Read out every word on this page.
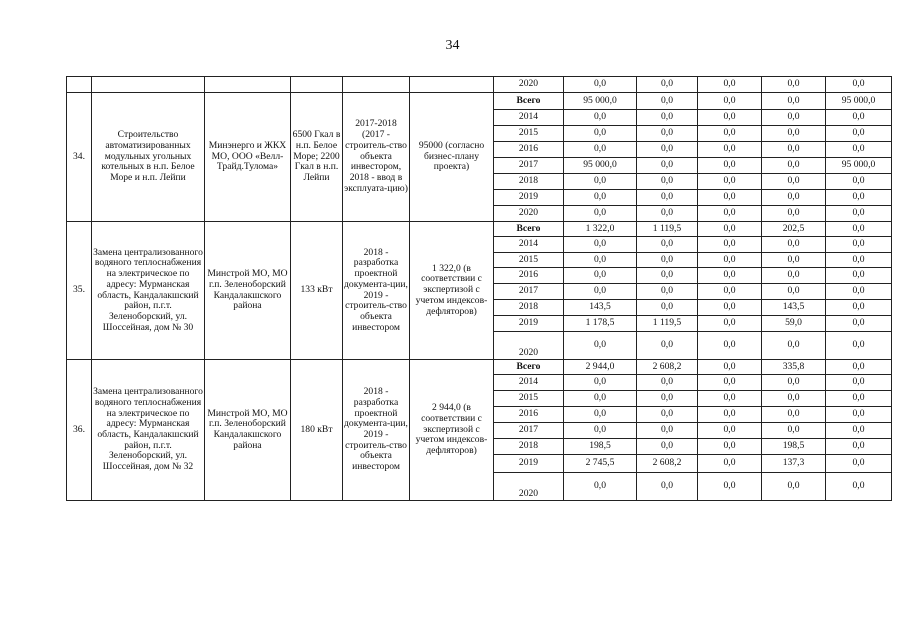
34
						2020	0,0	0,0	0,0	0,0	0,0
34.	Строительство автоматизированных модульных угольных котельных в н.п. Белое Море и н.п. Лейпи	Минэнерго и ЖКХ МО, ООО «Велл-Трайд.Тулома»	6500 Гкал в н.п. Белое Море; 2200 Гкал в н.п. Лейпи	2017-2018 (2017 - строитель-ство объекта инвестором, 2018 - ввод в эксплуата-цию)	95000 (согласно бизнес-плану проекта)	Всего	95 000,0	0,0	0,0	0,0	95 000,0
						2014	0,0	0,0	0,0	0,0	0,0
						2015	0,0	0,0	0,0	0,0	0,0
						2016	0,0	0,0	0,0	0,0	0,0
						2017	95 000,0	0,0	0,0	0,0	95 000,0
						2018	0,0	0,0	0,0	0,0	0,0
						2019	0,0	0,0	0,0	0,0	0,0
						2020	0,0	0,0	0,0	0,0	0,0
35.	Замена централизованного водяного теплоснабжения на электрическое по адресу: Мурманская область, Кандалакшский район, п.г.т. Зеленоборский, ул. Шоссейная, дом № 30	Минстрой МО, МО г.п. Зеленоборский Кандалакшского района	133 кВт	2018 - разработка проектной документа-ции, 2019 - строитель-ство объекта инвестором	1 322,0 (в соответствии с экспертизой с учетом индексов-дефляторов)	Всего	1 322,0	1 119,5	0,0	202,5	0,0
						2014	0,0	0,0	0,0	0,0	0,0
						2015	0,0	0,0	0,0	0,0	0,0
						2016	0,0	0,0	0,0	0,0	0,0
						2017	0,0	0,0	0,0	0,0	0,0
						2018	143,5	0,0	0,0	143,5	0,0
						2019	1 178,5	1 119,5	0,0	59,0	0,0
						2020	0,0	0,0	0,0	0,0	0,0
36.	Замена централизованного водяного теплоснабжения на электрическое по адресу: Мурманская область, Кандалакшский район, п.г.т. Зеленоборский, ул. Шоссейная, дом № 32	Минстрой МО, МО г.п. Зеленоборский Кандалакшского района	180 кВт	2018 - разработка проектной документа-ции, 2019 - строитель-ство объекта инвестором	2 944,0 (в соответствии с экспертизой с учетом индексов-дефляторов)	Всего	2 944,0	2 608,2	0,0	335,8	0,0
						2014	0,0	0,0	0,0	0,0	0,0
						2015	0,0	0,0	0,0	0,0	0,0
						2016	0,0	0,0	0,0	0,0	0,0
						2017	0,0	0,0	0,0	0,0	0,0
						2018	198,5	0,0	0,0	198,5	0,0
						2019	2 745,5	2 608,2	0,0	137,3	0,0
						2020	0,0	0,0	0,0	0,0	0,0
